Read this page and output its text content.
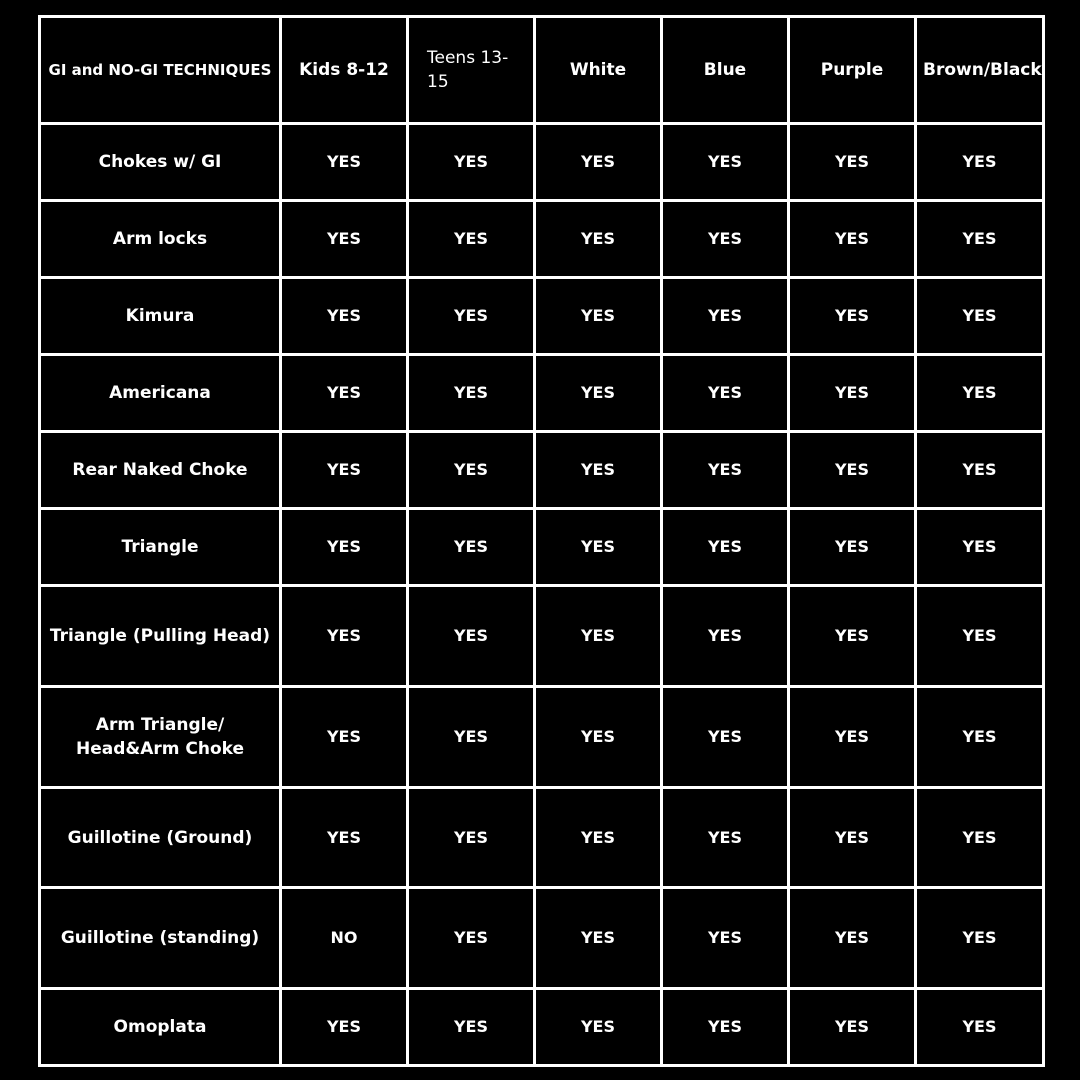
GI and NO-GI TECHNIQUES	Kids 8-12	Teens 13-15	White	Blue	Purple	Brown/Black
Chokes w/ GI	YES	YES	YES	YES	YES	YES
Arm locks	YES	YES	YES	YES	YES	YES
Kimura	YES	YES	YES	YES	YES	YES
Americana	YES	YES	YES	YES	YES	YES
Rear Naked Choke	YES	YES	YES	YES	YES	YES
Triangle	YES	YES	YES	YES	YES	YES
Triangle (Pulling Head)	YES	YES	YES	YES	YES	YES
Arm Triangle/ Head&Arm Choke	YES	YES	YES	YES	YES	YES
Guillotine (Ground)	YES	YES	YES	YES	YES	YES
Guillotine (standing)	NO	YES	YES	YES	YES	YES
Omoplata	YES	YES	YES	YES	YES	YES
